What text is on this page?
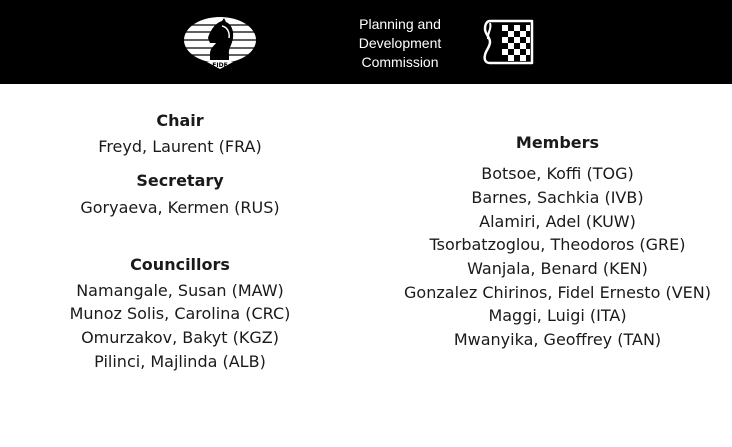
FIDE
Planning and
Development
Commission
Chair
Freyd, Laurent (FRA)
Secretary
Goryaeva, Kermen (RUS)
Councillors
Namangale, Susan (MAW)
Munoz Solis, Carolina (CRC)
Omurzakov, Bakyt (KGZ)
Pilinci, Majlinda (ALB)
Members
Botsoe, Koffi (TOG)
Barnes, Sachkia (IVB)
Alamiri, Adel (KUW)
Tsorbatzoglou, Theodoros (GRE)
Wanjala, Benard (KEN)
Gonzalez Chirinos, Fidel Ernesto (VEN)
Maggi, Luigi (ITA)
Mwanyika, Geoffrey (TAN)
